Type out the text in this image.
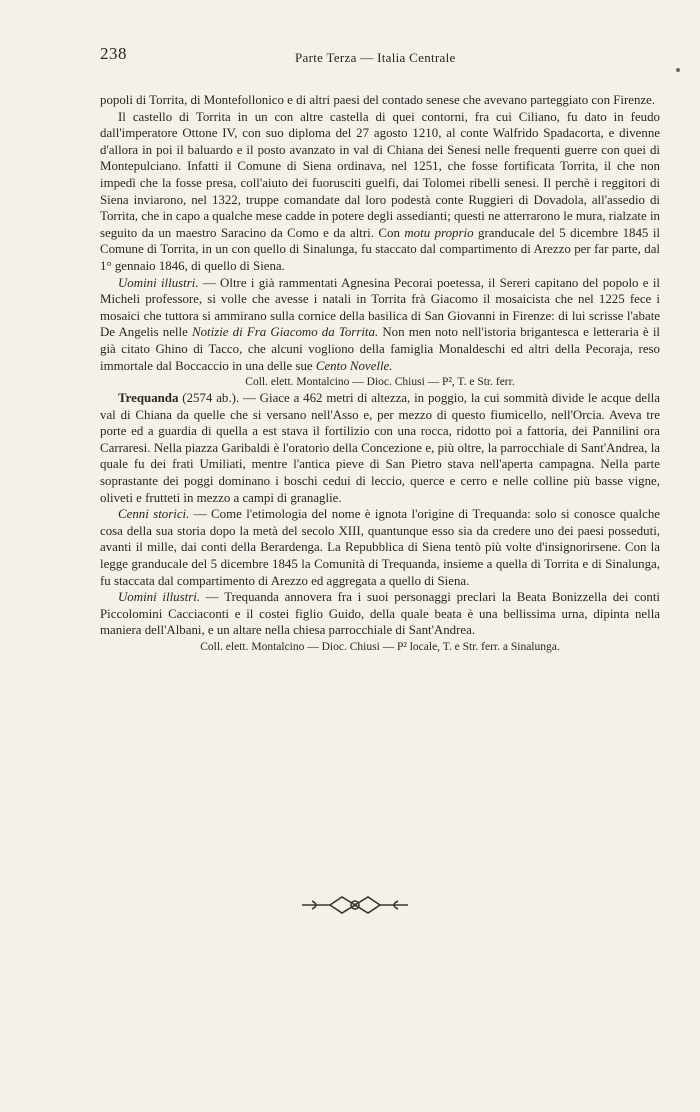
238	Parte Terza — Italia Centrale

popoli di Torrita, di Montefollonico e di altri paesi del contado senese che avevano parteggiato con Firenze.

Il castello di Torrita in un con altre castella di quei contorni, fra cui Ciliano, fu dato in feudo dall'imperatore Ottone IV, con suo diploma del 27 agosto 1210, al conte Walfrido Spadacorta, e divenne d'allora in poi il baluardo e il posto avanzato in val di Chiana dei Senesi nelle frequenti guerre con quei di Montepulciano. Infatti il Comune di Siena ordinava, nel 1251, che fosse fortificata Torrita, il che non impedì che la fosse presa, coll'aiuto dei fuorusciti guelfi, dai Tolomei ribelli senesi. Il perchè i reggitori di Siena inviarono, nel 1322, truppe comandate dal loro podestà conte Ruggieri di Dovadola, all'assedio di Torrita, che in capo a qualche mese cadde in potere degli assedianti; questi ne atterrarono le mura, rialzate in seguito da un maestro Saracino da Como e da altri. Con motu proprio granducale del 5 dicembre 1845 il Comune di Torrita, in un con quello di Sinalunga, fu staccato dal compartimento di Arezzo per far parte, dal 1° gennaio 1846, di quello di Siena.

Uomini illustri. — Oltre i già rammentati Agnesina Pecorai poetessa, il Sereri capitano del popolo e il Micheli professore, si volle che avesse i natali in Torrita frà Giacomo il mosaicista che nel 1225 fece i mosaici che tuttora si ammirano sulla cornice della basilica di San Giovanni in Firenze: di lui scrisse l'abate De Angelis nelle Notizie di Fra Giacomo da Torrita. Non men noto nell'istoria brigantesca e letteraria è il già citato Ghino di Tacco, che alcuni vogliono della famiglia Monaldeschi ed altri della Pecoraja, reso immortale dal Boccaccio in una delle sue Cento Novelle.

Coll. elett. Montalcino — Dioc. Chiusi — P², T. e Str. ferr.

Trequanda (2574 ab.). — Giace a 462 metri di altezza, in poggio, la cui sommità divide le acque della val di Chiana da quelle che si versano nell'Asso e, per mezzo di questo fiumicello, nell'Orcia. Aveva tre porte ed a guardia di quella a est stava il fortilizio con una rocca, ridotto poi a fattoria, dei Pannilini ora Carraresi. Nella piazza Garibaldi è l'oratorio della Concezione e, più oltre, la parrocchiale di Sant'Andrea, la quale fu dei frati Umiliati, mentre l'antica pieve di San Pietro stava nell'aperta campagna. Nella parte soprastante dei poggi dominano i boschi cedui di leccio, querce e cerro e nelle colline più basse vigne, oliveti e frutteti in mezzo a campi di granaglie.

Cenni storici. — Come l'etimologia del nome è ignota l'origine di Trequanda: solo si conosce qualche cosa della sua storia dopo la metà del secolo XIII, quantunque esso sia da credere uno dei paesi posseduti, avanti il mille, dai conti della Berardenga. La Repubblica di Siena tentò più volte d'insignorirsene. Con la legge granducale del 5 dicembre 1845 la Comunità di Trequanda, insieme a quella di Torrita e di Sinalunga, fu staccata dal compartimento di Arezzo ed aggregata a quello di Siena.

Uomini illustri. — Trequanda annovera fra i suoi personaggi preclari la Beata Bonizzella dei conti Piccolomini Cacciaconti e il costei figlio Guido, della quale beata è una bellissima urna, dipinta nella maniera dell'Albani, e un altare nella chiesa parrocchiale di Sant'Andrea.

Coll. elett. Montalcino — Dioc. Chiusi — P² locale, T. e Str. ferr. a Sinalunga.
